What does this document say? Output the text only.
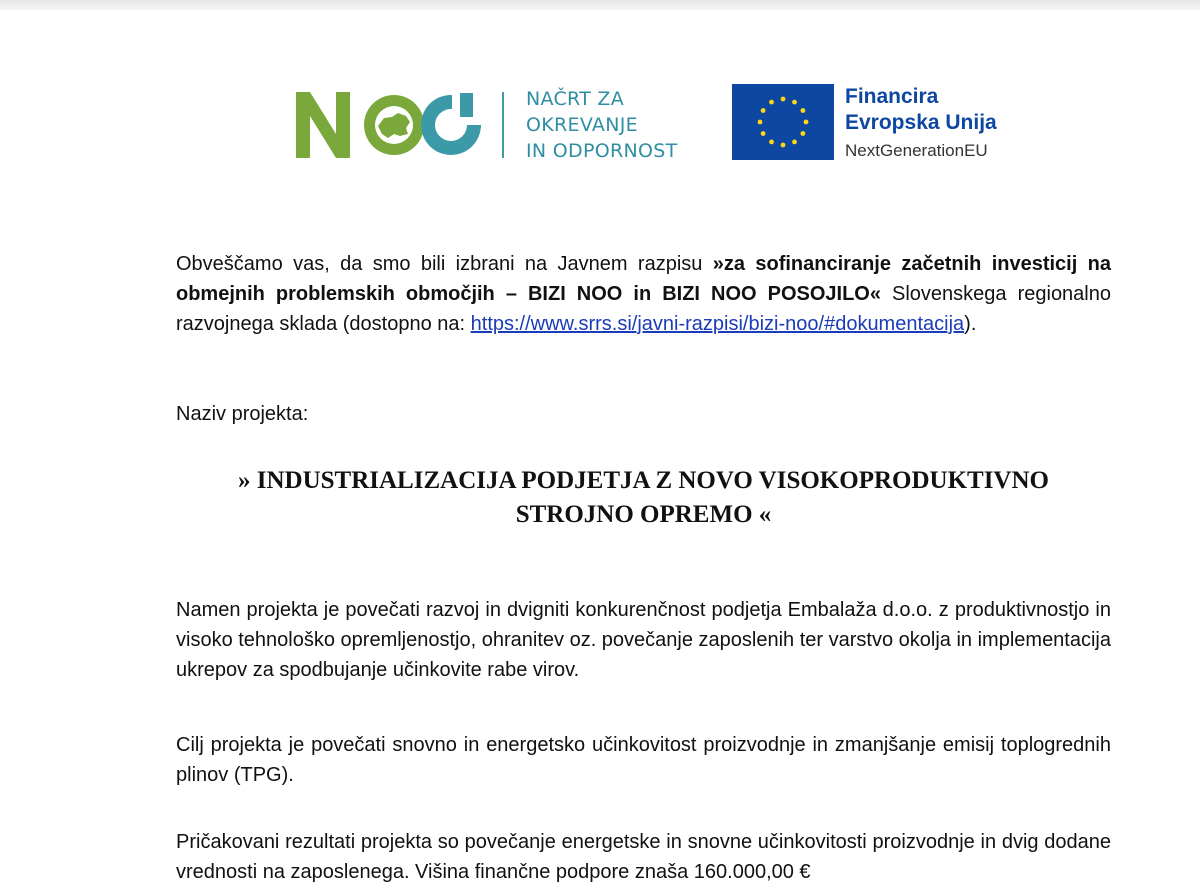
NAČRT ZA
OKREVANJE
IN ODPORNOST
Financira
Evropska Unija
NextGenerationEU

Obveščamo vas, da smo bili izbrani na Javnem razpisu »za sofinanciranje začetnih investicij na obmejnih problemskih območjih – BIZI NOO in BIZI NOO POSOJILO« Slovenskega regionalno razvojnega sklada (dostopno na: https://www.srrs.si/javni-razpisi/bizi-noo/#dokumentacija).

Naziv projekta:

» INDUSTRIALIZACIJA PODJETJA Z NOVO VISOKOPRODUKTIVNO
STROJNO OPREMO «

Namen projekta je povečati razvoj in dvigniti konkurenčnost podjetja Embalaža d.o.o. z produktivnostjo in visoko tehnološko opremljenostjo, ohranitev oz. povečanje zaposlenih ter varstvo okolja in implementacija ukrepov za spodbujanje učinkovite rabe virov.

Cilj projekta je povečati snovno in energetsko učinkovitost proizvodnje in zmanjšanje emisij toplogrednih plinov (TPG).

Pričakovani rezultati projekta so povečanje energetske in snovne učinkovitosti proizvodnje in dvig dodane vrednosti na zaposlenega. Višina finančne podpore znaša 160.000,00 €
